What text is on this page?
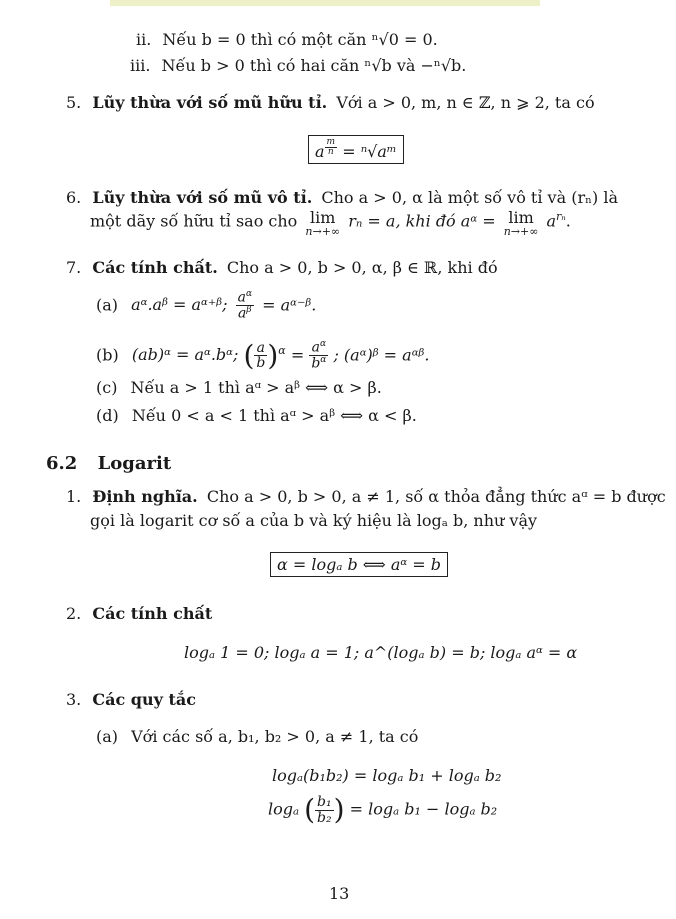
ii. Nếu b = 0 thì có một căn ⁿ√0 = 0.
iii. Nếu b > 0 thì có hai căn ⁿ√b và −ⁿ√b.
5. Lũy thừa với số mũ hữu tỉ. Với a > 0, m, n ∈ ℤ, n ⩾ 2, ta có
a $^{\frac{m}{n}}$ = ⁿ√aᵐ
6. Lũy thừa với số mũ vô tỉ. Cho a > 0, α là một số vô tỉ và (rₙ) là
một dãy số hữu tỉ sao cho lim
n→+∞
rₙ = a, khi đó aᵅ = lim
n→+∞
$a^{r_n}$.
7. Các tính chất. Cho a > 0, b > 0, α, β ∈ ℝ, khi đó
(a) aᵅ.aᵝ = aᵅ⁺ᵝ; $\frac{a^\alpha}{a^\beta}$ = aᵅ⁻ᵝ.
(b) (ab)ᵅ = aᵅ.bᵅ; ( $\frac{a}{b} )^\alpha = \frac{a^\alpha}{b^\alpha}$ ; (aᵅ)ᵝ = aᵅᵝ.
(c) Nếu a > 1 thì aᵅ > aᵝ ⟺ α > β.
(d) Nếu 0 < a < 1 thì aᵅ > aᵝ ⟺ α < β.
6.2 Logarit
1. Định nghĩa. Cho a > 0, b > 0, a ≠ 1, số α thỏa đẳng thức aᵅ = b được
gọi là logarit cơ số a của b và ký hiệu là logₐ b, như vậy
α = logₐ b ⟺ aᵅ = b
2. Các tính chất
logₐ 1 = 0; logₐ a = 1; a^(logₐ b) = b; logₐ aᵅ = α
3. Các quy tắc
(a) Với các số a, b₁, b₂ > 0, a ≠ 1, ta có
logₐ(b₁b₂) = logₐ b₁ + logₐ b₂
logₐ ( $\frac{\text{b₁}}{\text{b₂}}$ ) = logₐ b₁ − logₐ b₂
13
